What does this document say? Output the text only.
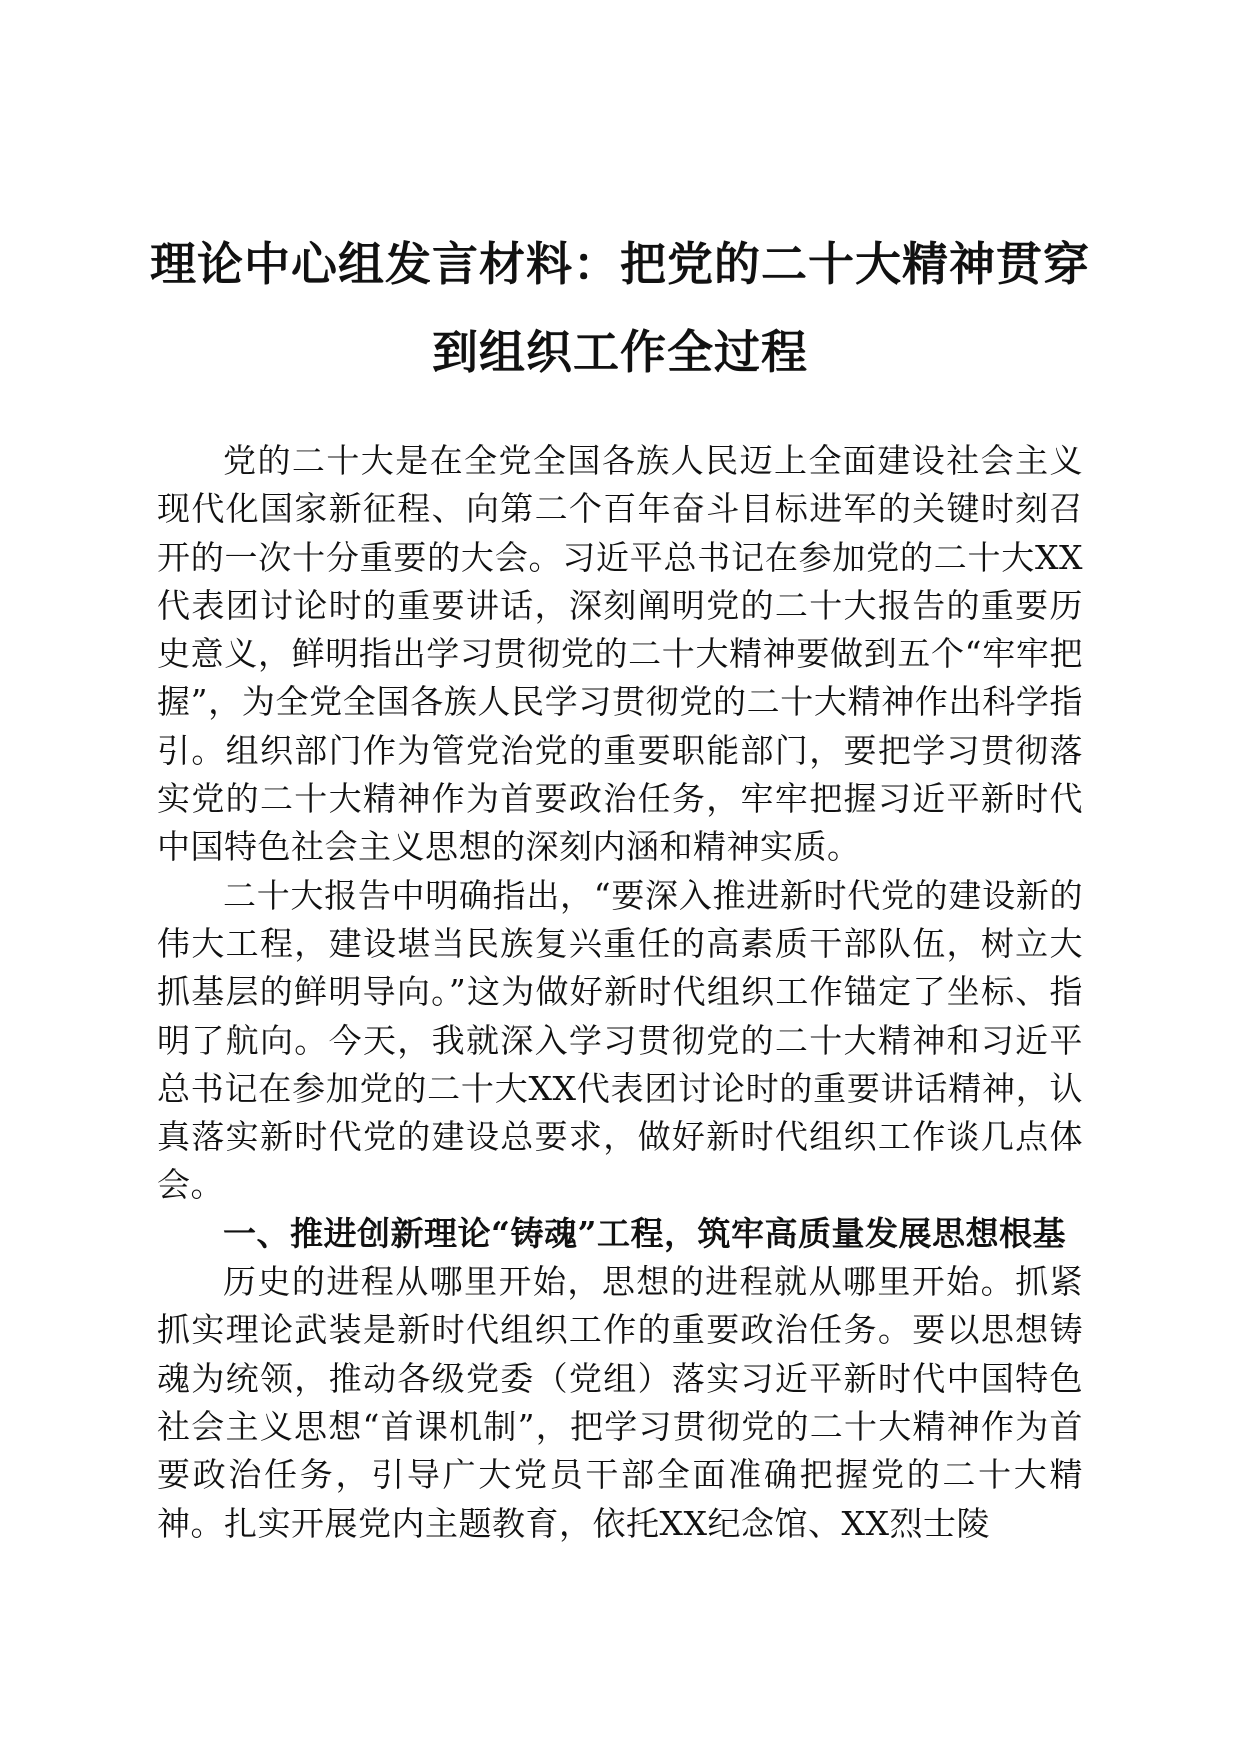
理论中心组发言材料：把党的二十大精神贯穿
到组织工作全过程

党的二十大是在全党全国各族人民迈上全面建设社会主义现代化国家新征程、向第二个百年奋斗目标进军的关键时刻召开的一次十分重要的大会。习近平总书记在参加党的二十大XX代表团讨论时的重要讲话，深刻阐明党的二十大报告的重要历史意义，鲜明指出学习贯彻党的二十大精神要做到五个“牢牢把握”，为全党全国各族人民学习贯彻党的二十大精神作出科学指引。组织部门作为管党治党的重要职能部门，要把学习贯彻落实党的二十大精神作为首要政治任务，牢牢把握习近平新时代中国特色社会主义思想的深刻内涵和精神实质。

二十大报告中明确指出，“要深入推进新时代党的建设新的伟大工程，建设堪当民族复兴重任的高素质干部队伍，树立大抓基层的鲜明导向。”这为做好新时代组织工作锚定了坐标、指明了航向。今天，我就深入学习贯彻党的二十大精神和习近平总书记在参加党的二十大XX代表团讨论时的重要讲话精神，认真落实新时代党的建设总要求，做好新时代组织工作谈几点体会。

一、推进创新理论“铸魂”工程，筑牢高质量发展思想根基

历史的进程从哪里开始，思想的进程就从哪里开始。抓紧抓实理论武装是新时代组织工作的重要政治任务。要以思想铸魂为统领，推动各级党委（党组）落实习近平新时代中国特色社会主义思想“首课机制”，把学习贯彻党的二十大精神作为首要政治任务，引导广大党员干部全面准确把握党的二十大精神。扎实开展党内主题教育，依托XX纪念馆、XX烈士陵
